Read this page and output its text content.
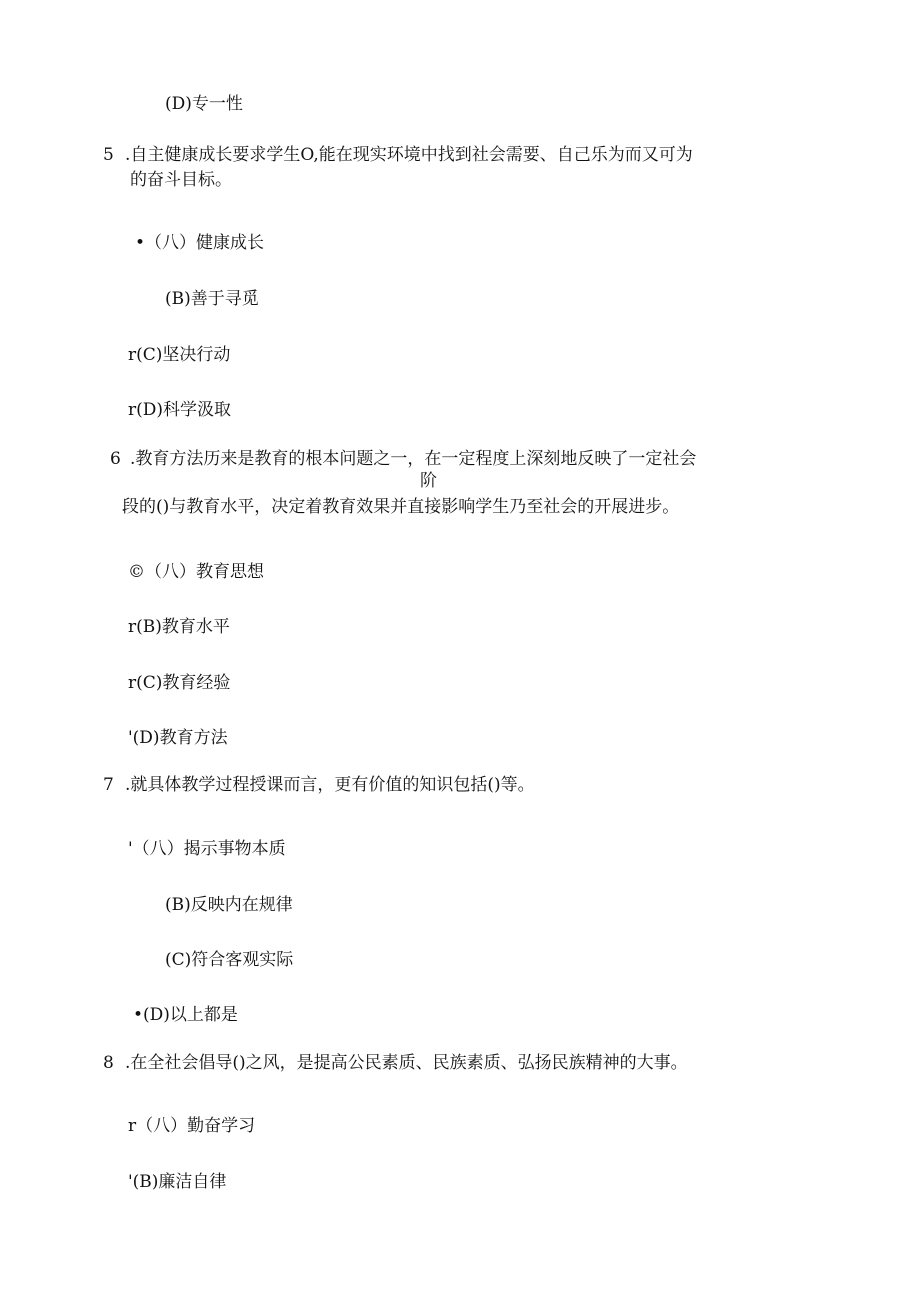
(D)专一性
5 .自主健康成长要求学生O,能在现实环境中找到社会需要、自己乐为而又可为
的奋斗目标。
•（八）健康成长
(B)善于寻觅
r(C)坚决行动
r(D)科学汲取
6 .教育方法历来是教育的根本问题之一，在一定程度上深刻地反映了一定社会
阶
段的()与教育水平，决定着教育效果并直接影响学生乃至社会的开展进步。
©（八）教育思想
r(B)教育水平
r(C)教育经验
'(D)教育方法
7 .就具体教学过程授课而言，更有价值的知识包括()等。
'（八）揭示事物本质
(B)反映内在规律
(C)符合客观实际
•(D)以上都是
8 .在全社会倡导()之风，是提高公民素质、民族素质、弘扬民族精神的大事。
r（八）勤奋学习
'(B)廉洁自律
